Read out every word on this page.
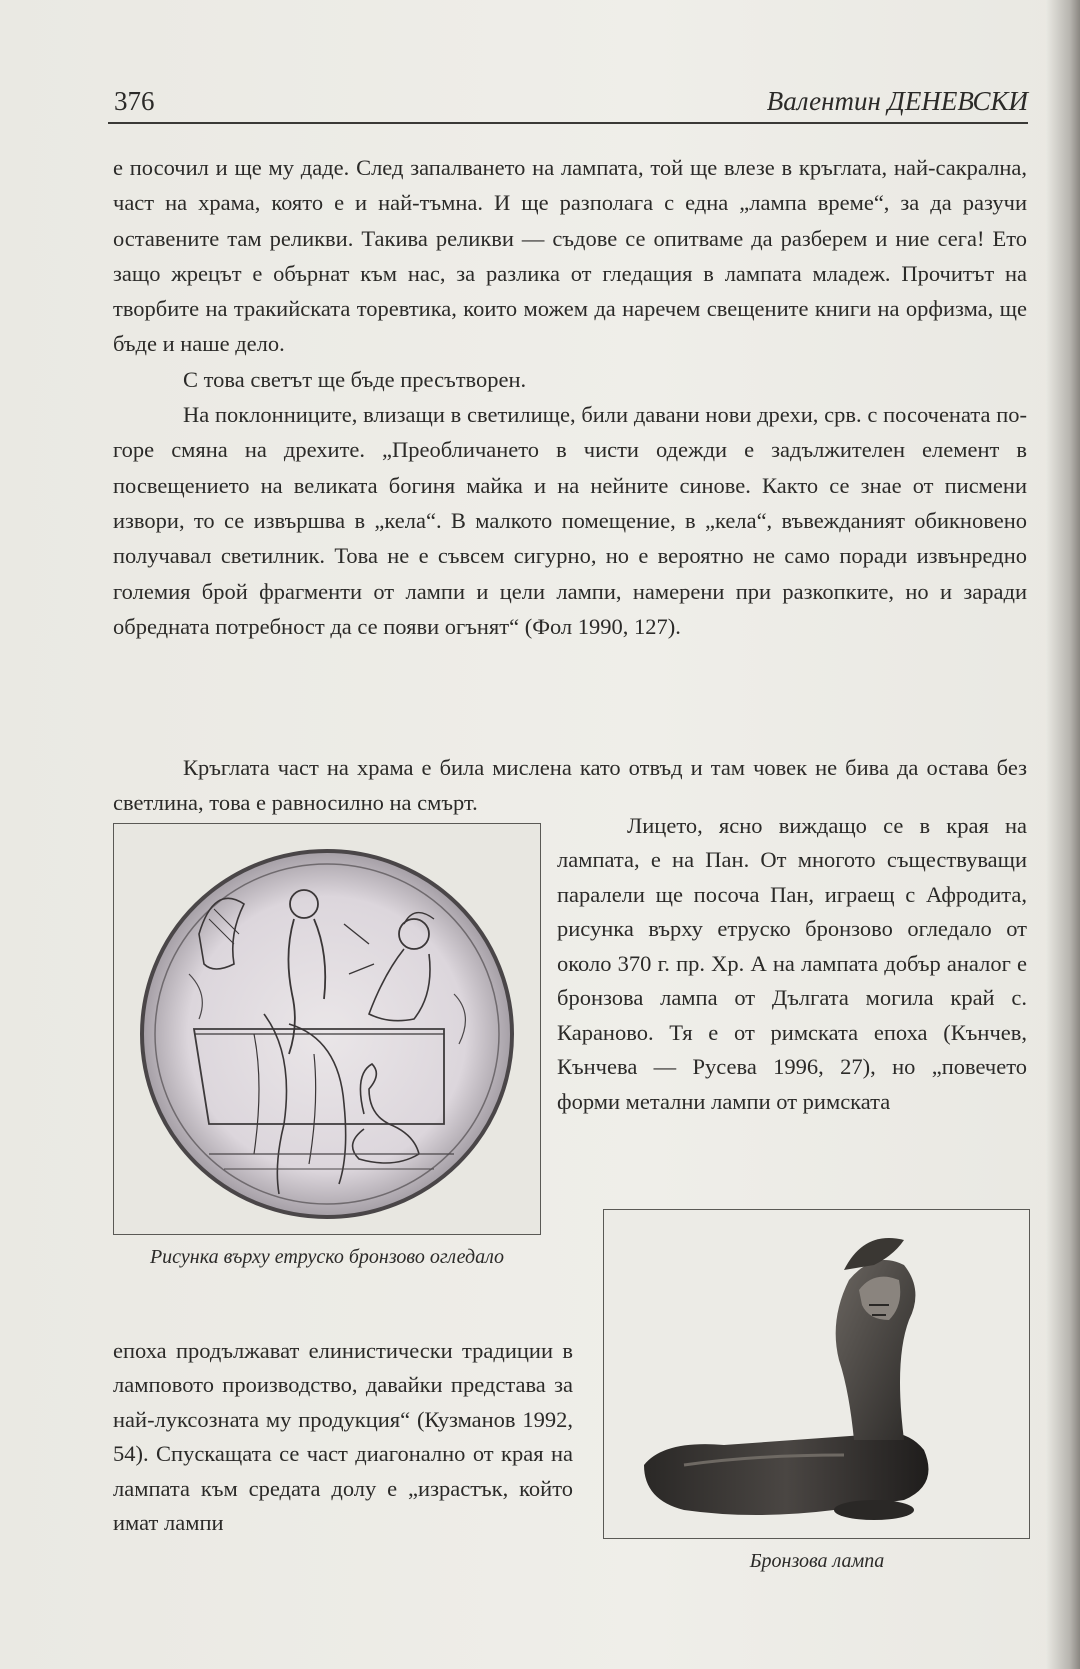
376	Валентин ДЕНЕВСКИ

е посочил и ще му даде. След запалването на лампата, той ще влезе в кръглата, най-сакрална, част на храма, която е и най-тъмна. И ще разполага с една „лампа време“, за да разучи оставените там реликви. Такива реликви — съдове се опитваме да разберем и ние сега! Ето защо жрецът е обърнат към нас, за разлика от гледащия в лампата младеж. Прочитът на творбите на тракийската торевтика, които можем да наречем свещените книги на орфизма, ще бъде и наше дело.

С това светът ще бъде пресътворен.

На поклонниците, влизащи в светилище, били давани нови дрехи, срв. с посочената по-горе смяна на дрехите. „Преобличането в чисти одежди е задължителен елемент в посвещението на великата богиня майка и на нейните синове. Както се знае от писмени извори, то се извършва в „кела“. В малкото помещение, в „кела“, въвежданият обикновено получавал светилник. Това не е съвсем сигурно, но е вероятно не само поради извънредно големия брой фрагменти от лампи и цели лампи, намерени при разкопките, но и заради обредната потребност да се появи огънят“ (Фол 1990, 127).

Кръглата част на храма е била мислена като отвъд и там човек не бива да остава без светлина, това е равносилно на смърт.

Рисунка върху етруско бронзово огледало

Лицето, ясно виждащо се в края на лампата, е на Пан. От многото съществуващи паралели ще посоча Пан, играещ с Афродита, рисунка върху етруско бронзово огледало от около 370 г. пр. Хр. А на лампата добър аналог е бронзова лампа от Дългата могила край с. Караново. Тя е от римската епоха (Кънчев, Кънчева — Русева 1996, 27), но „повечето форми метални лампи от римската

епоха продължават елинистически традиции в ламповото производство, давайки представа за най-луксозната му продукция“ (Кузманов 1992, 54). Спускащата се част диагонално от края на лампата към средата долу е „израстък, който имат лампи

Бронзова лампа
